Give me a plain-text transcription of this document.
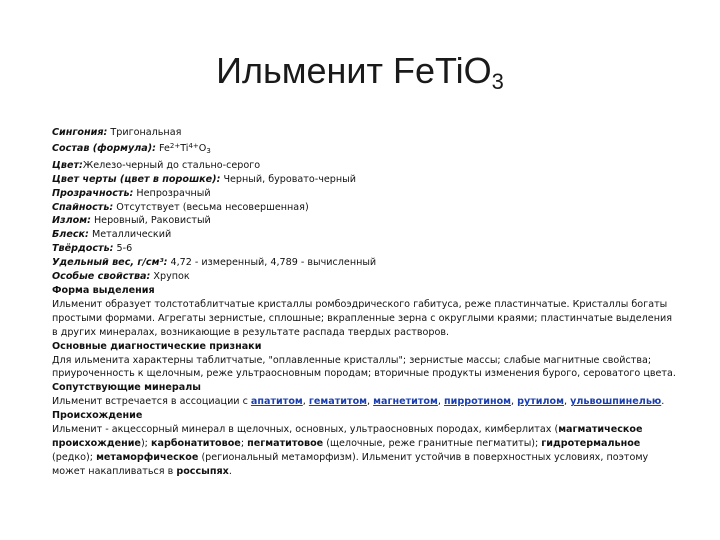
Ильменит FeTiO$_3$
Сингония: Тригональная
Состав (формула): $Fe^{2+}Ti^{4+}O_3$
Цвет:Железо-черный до стально-серого
Цвет черты (цвет в порошке): Черный, буровато-черный
Прозрачность: Непрозрачный
Спайность: Отсутствует (весьма несовершенная)
Излом: Неровный, Раковистый
Блеск: Металлический
Твёрдость: 5-6
Удельный вес, г/см³: 4,72 - измеренный, 4,789 - вычисленный
Особые свойства: Хрупок
Форма выделения
Ильменит образует толстотаблитчатые кристаллы ромбоэдрического габитуса, реже пластинчатые. Кристаллы богаты простыми формами. Агрегаты зернистые, сплошные; вкрапленные зерна с округлыми краями; пластинчатые выделения в других минералах, возникающие в результате распада твердых растворов.
Основные диагностические признаки
Для ильменита характерны таблитчатые, "оплавленные кристаллы"; зернистые массы; слабые магнитные свойства; приуроченность к щелочным, реже ультраосновным породам; вторичные продукты изменения бурого, сероватого цвета.
Сопутствующие минералы
Ильменит встречается в ассоциации с апатитом, гематитом, магнетитом, пирротином, рутилом, ульвошпинелью.
Происхождение
Ильменит - акцессорный минерал в щелочных, основных, ультраосновных породах, кимберлитах (магматическое происхождение); карбонатитовое; пегматитовое (щелочные, реже гранитные пегматиты); гидротермальное (редко); метаморфическое (региональный метаморфизм). Ильменит устойчив в поверхностных условиях, поэтому может накапливаться в россыпях.
